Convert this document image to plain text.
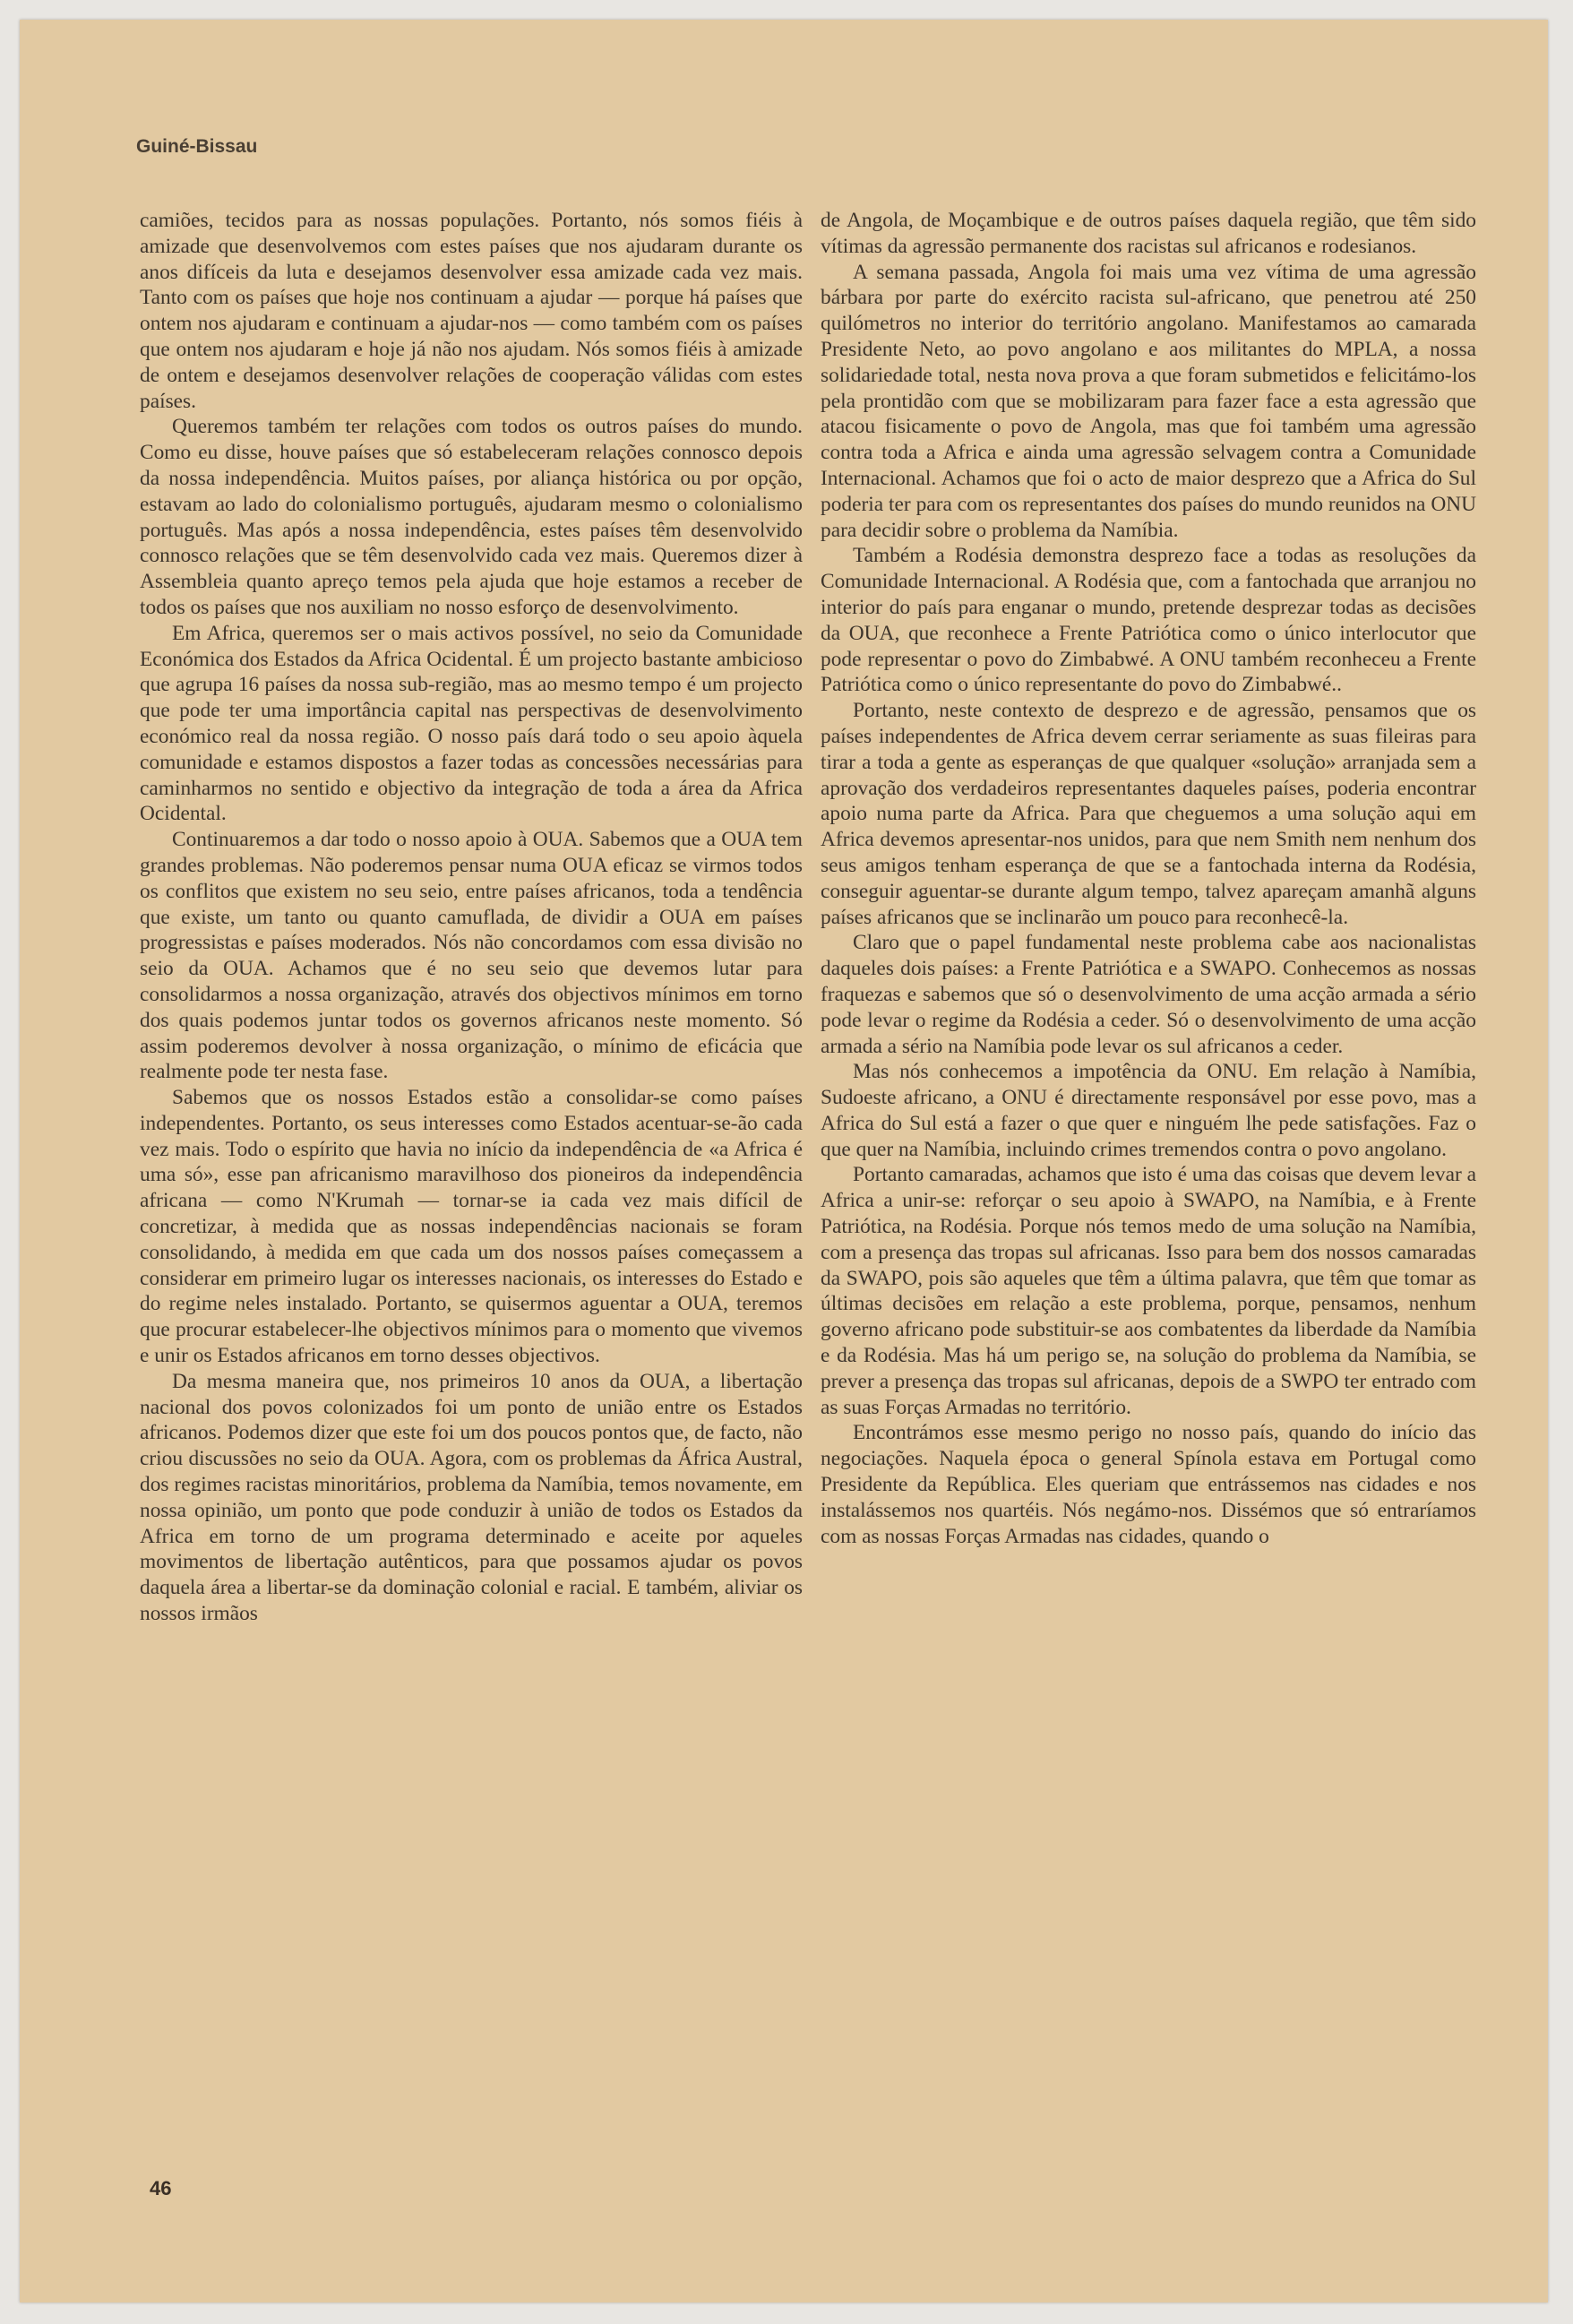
Guiné-Bissau

camiões, tecidos para as nossas populações. Portanto, nós somos fiéis à amizade que desenvolvemos com estes países que nos ajudaram durante os anos difíceis da luta e desejamos desenvolver essa amizade cada vez mais. Tanto com os países que hoje nos continuam a ajudar — porque há países que ontem nos ajudaram e continuam a ajudar-nos — como também com os países que ontem nos ajudaram e hoje já não nos ajudam. Nós somos fiéis à amizade de ontem e desejamos desenvolver relações de cooperação válidas com estes países.

Queremos também ter relações com todos os outros países do mundo. Como eu disse, houve países que só estabeleceram relações connosco depois da nossa independência. Muitos países, por aliança histórica ou por opção, estavam ao lado do colonialismo português, ajudaram mesmo o colonialismo português. Mas após a nossa independência, estes países têm desenvolvido connosco relações que se têm desenvolvido cada vez mais. Queremos dizer à Assembleia quanto apreço temos pela ajuda que hoje estamos a receber de todos os países que nos auxiliam no nosso esforço de desenvolvimento.

Em Africa, queremos ser o mais activos possível, no seio da Comunidade Económica dos Estados da Africa Ocidental. É um projecto bastante ambicioso que agrupa 16 países da nossa sub-região, mas ao mesmo tempo é um projecto que pode ter uma importância capital nas perspectivas de desenvolvimento económico real da nossa região. O nosso país dará todo o seu apoio àquela comunidade e estamos dispostos a fazer todas as concessões necessárias para caminharmos no sentido e objectivo da integração de toda a área da Africa Ocidental.

Continuaremos a dar todo o nosso apoio à OUA. Sabemos que a OUA tem grandes problemas. Não poderemos pensar numa OUA eficaz se virmos todos os conflitos que existem no seu seio, entre países africanos, toda a tendência que existe, um tanto ou quanto camuflada, de dividir a OUA em países progressistas e países moderados. Nós não concordamos com essa divisão no seio da OUA. Achamos que é no seu seio que devemos lutar para consolidarmos a nossa organização, através dos objectivos mínimos em torno dos quais podemos juntar todos os governos africanos neste momento. Só assim poderemos devolver à nossa organização, o mínimo de eficácia que realmente pode ter nesta fase.

Sabemos que os nossos Estados estão a consolidar-se como países independentes. Portanto, os seus interesses como Estados acentuar-se-ão cada vez mais. Todo o espírito que havia no início da independência de «a Africa é uma só», esse pan africanismo maravilhoso dos pioneiros da independência africana — como N'Krumah — tornar-se ia cada vez mais difícil de concretizar, à medida que as nossas independências nacionais se foram consolidando, à medida em que cada um dos nossos países começassem a considerar em primeiro lugar os interesses nacionais, os interesses do Estado e do regime neles instalado. Portanto, se quisermos aguentar a OUA, teremos que procurar estabelecer-lhe objectivos mínimos para o momento que vivemos e unir os Estados africanos em torno desses objectivos.

Da mesma maneira que, nos primeiros 10 anos da OUA, a libertação nacional dos povos colonizados foi um ponto de união entre os Estados africanos. Podemos dizer que este foi um dos poucos pontos que, de facto, não criou discussões no seio da OUA. Agora, com os problemas da África Austral, dos regimes racistas minoritários, problema da Namíbia, temos novamente, em nossa opinião, um ponto que pode conduzir à união de todos os Estados da Africa em torno de um programa determinado e aceite por aqueles movimentos de libertação autênticos, para que possamos ajudar os povos daquela área a libertar-se da dominação colonial e racial. E também, aliviar os nossos irmãos

de Angola, de Moçambique e de outros países daquela região, que têm sido vítimas da agressão permanente dos racistas sul africanos e rodesianos.

A semana passada, Angola foi mais uma vez vítima de uma agressão bárbara por parte do exército racista sul-africano, que penetrou até 250 quilómetros no interior do território angolano. Manifestamos ao camarada Presidente Neto, ao povo angolano e aos militantes do MPLA, a nossa solidariedade total, nesta nova prova a que foram submetidos e felicitámo-los pela prontidão com que se mobilizaram para fazer face a esta agressão que atacou fisicamente o povo de Angola, mas que foi também uma agressão contra toda a Africa e ainda uma agressão selvagem contra a Comunidade Internacional. Achamos que foi o acto de maior desprezo que a Africa do Sul poderia ter para com os representantes dos países do mundo reunidos na ONU para decidir sobre o problema da Namíbia.

Também a Rodésia demonstra desprezo face a todas as resoluções da Comunidade Internacional. A Rodésia que, com a fantochada que arranjou no interior do país para enganar o mundo, pretende desprezar todas as decisões da OUA, que reconhece a Frente Patriótica como o único interlocutor que pode representar o povo do Zimbabwé. A ONU também reconheceu a Frente Patriótica como o único representante do povo do Zimbabwé..

Portanto, neste contexto de desprezo e de agressão, pensamos que os países independentes de Africa devem cerrar seriamente as suas fileiras para tirar a toda a gente as esperanças de que qualquer «solução» arranjada sem a aprovação dos verdadeiros representantes daqueles países, poderia encontrar apoio numa parte da Africa. Para que cheguemos a uma solução aqui em Africa devemos apresentar-nos unidos, para que nem Smith nem nenhum dos seus amigos tenham esperança de que se a fantochada interna da Rodésia, conseguir aguentar-se durante algum tempo, talvez apareçam amanhã alguns países africanos que se inclinarão um pouco para reconhecê-la.

Claro que o papel fundamental neste problema cabe aos nacionalistas daqueles dois países: a Frente Patriótica e a SWAPO. Conhecemos as nossas fraquezas e sabemos que só o desenvolvimento de uma acção armada a sério pode levar o regime da Rodésia a ceder. Só o desenvolvimento de uma acção armada a sério na Namíbia pode levar os sul africanos a ceder.

Mas nós conhecemos a impotência da ONU. Em relação à Namíbia, Sudoeste africano, a ONU é directamente responsável por esse povo, mas a Africa do Sul está a fazer o que quer e ninguém lhe pede satisfações. Faz o que quer na Namíbia, incluindo crimes tremendos contra o povo angolano.

Portanto camaradas, achamos que isto é uma das coisas que devem levar a Africa a unir-se: reforçar o seu apoio à SWAPO, na Namíbia, e à Frente Patriótica, na Rodésia. Porque nós temos medo de uma solução na Namíbia, com a presença das tropas sul africanas. Isso para bem dos nossos camaradas da SWAPO, pois são aqueles que têm a última palavra, que têm que tomar as últimas decisões em relação a este problema, porque, pensamos, nenhum governo africano pode substituir-se aos combatentes da liberdade da Namíbia e da Rodésia. Mas há um perigo se, na solução do problema da Namíbia, se prever a presença das tropas sul africanas, depois de a SWPO ter entrado com as suas Forças Armadas no território.

Encontrámos esse mesmo perigo no nosso país, quando do início das negociações. Naquela época o general Spínola estava em Portugal como Presidente da República. Eles queriam que entrássemos nas cidades e nos instalássemos nos quartéis. Nós negámo-nos. Dissémos que só entraríamos com as nossas Forças Armadas nas cidades, quando o

46
